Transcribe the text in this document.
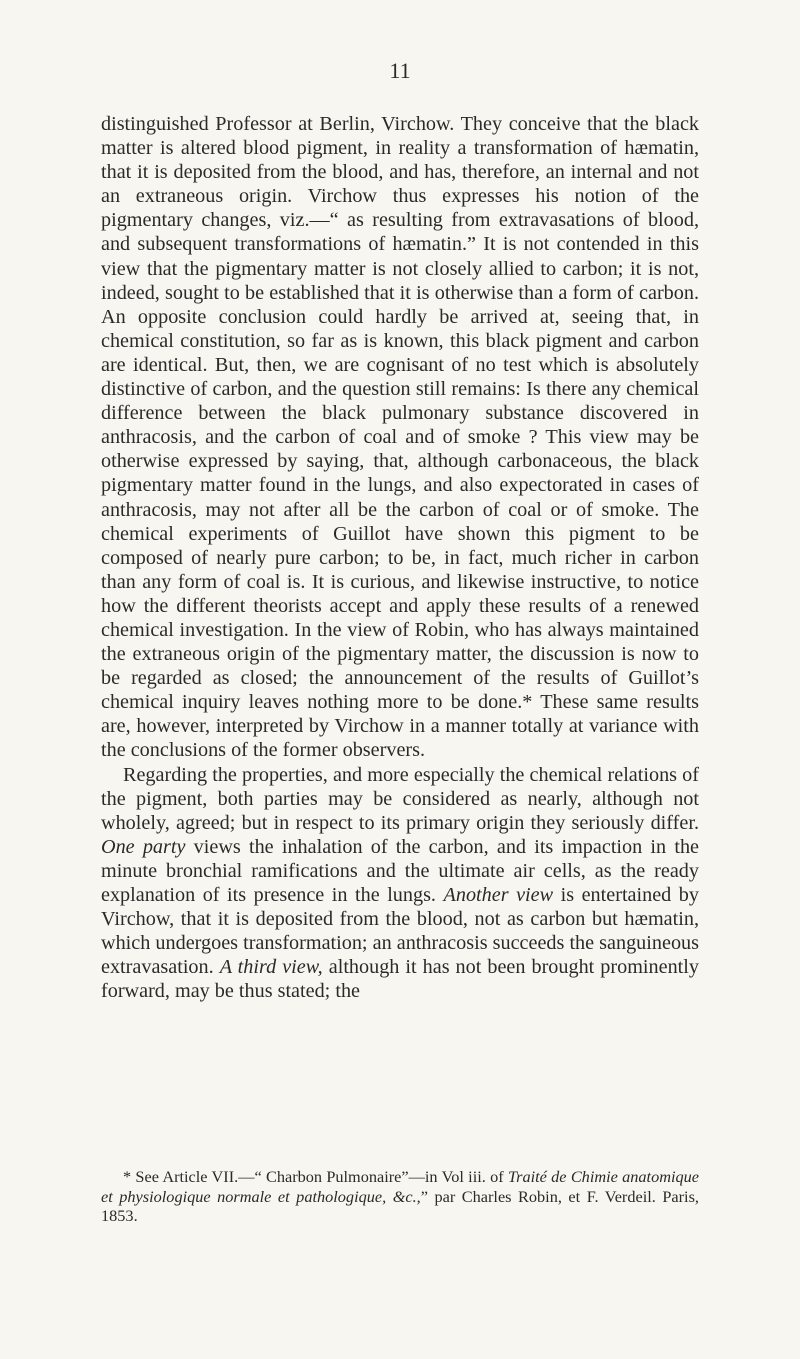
11

distinguished Professor at Berlin, Virchow. They conceive that the black matter is altered blood pigment, in reality a transformation of hæmatin, that it is deposited from the blood, and has, therefore, an internal and not an extraneous origin. Virchow thus expresses his notion of the pigmentary changes, viz.—“ as resulting from extravasations of blood, and subsequent transformations of hæmatin.” It is not contended in this view that the pigmentary matter is not closely allied to carbon; it is not, indeed, sought to be established that it is otherwise than a form of carbon. An opposite conclusion could hardly be arrived at, seeing that, in chemical constitution, so far as is known, this black pigment and carbon are identical. But, then, we are cognisant of no test which is absolutely distinctive of carbon, and the question still remains: Is there any chemical difference between the black pulmonary substance discovered in anthracosis, and the carbon of coal and of smoke ? This view may be otherwise expressed by saying, that, although carbonaceous, the black pigmentary matter found in the lungs, and also expectorated in cases of anthracosis, may not after all be the carbon of coal or of smoke. The chemical experiments of Guillot have shown this pigment to be composed of nearly pure carbon; to be, in fact, much richer in carbon than any form of coal is. It is curious, and likewise instructive, to notice how the different theorists accept and apply these results of a renewed chemical investigation. In the view of Robin, who has always maintained the extraneous origin of the pigmentary matter, the discussion is now to be regarded as closed; the announcement of the results of Guillot’s chemical inquiry leaves nothing more to be done.* These same results are, however, interpreted by Virchow in a manner totally at variance with the conclusions of the former observers.

Regarding the properties, and more especially the chemical relations of the pigment, both parties may be considered as nearly, although not wholely, agreed; but in respect to its primary origin they seriously differ. One party views the inhalation of the carbon, and its impaction in the minute bronchial ramifications and the ultimate air cells, as the ready explanation of its presence in the lungs. Another view is entertained by Virchow, that it is deposited from the blood, not as carbon but hæmatin, which undergoes transformation; an anthracosis succeeds the sanguineous extravasation. A third view, although it has not been brought prominently forward, may be thus stated; the

* See Article VII.—“ Charbon Pulmonaire”—in Vol iii. of Traité de Chimie anatomique et physiologique normale et pathologique, &c.,” par Charles Robin, et F. Verdeil. Paris, 1853.
